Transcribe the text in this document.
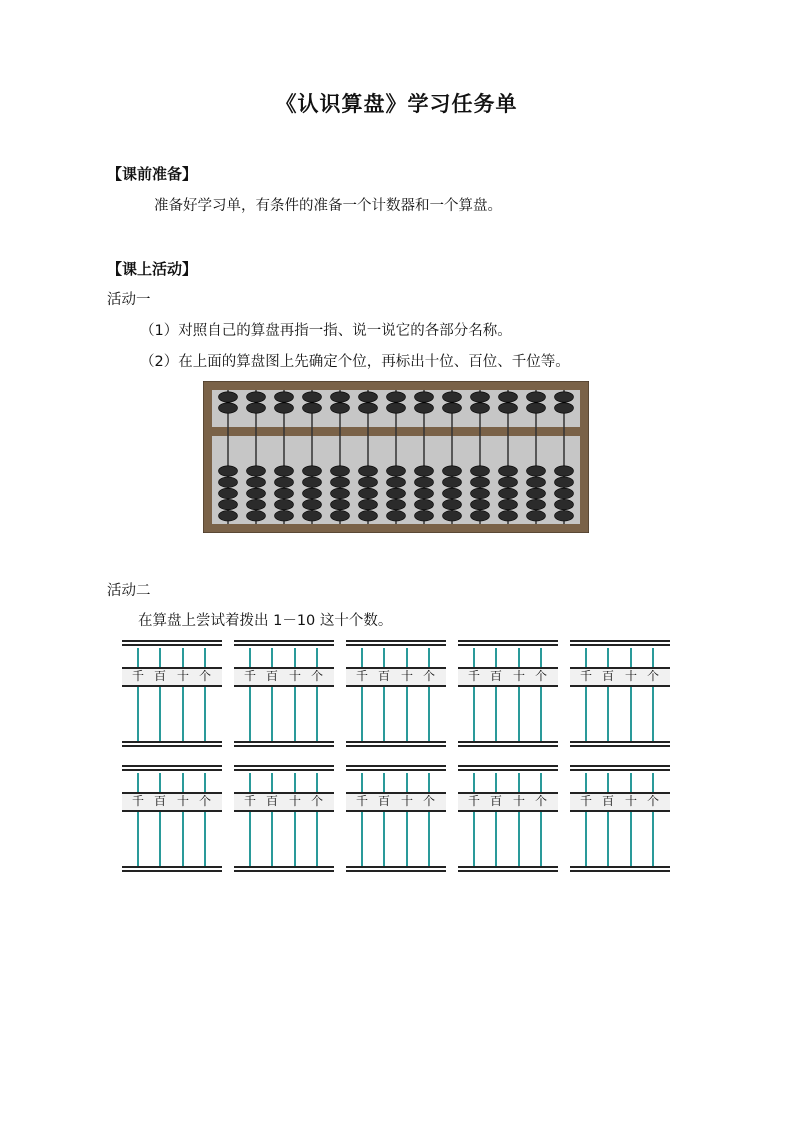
《认识算盘》学习任务单
【课前准备】
准备好学习单，有条件的准备一个计数器和一个算盘。
【课上活动】
活动一
（1）对照自己的算盘再指一指、说一说它的各部分名称。
（2）在上面的算盘图上先确定个位，再标出十位、百位、千位等。
活动二
在算盘上尝试着拨出 1－10 这十个数。
千 百 十 个	千 百 十 个	千 百 十 个	千 百 十 个	千 百 十 个
千 百 十 个	千 百 十 个	千 百 十 个	千 百 十 个	千 百 十 个
